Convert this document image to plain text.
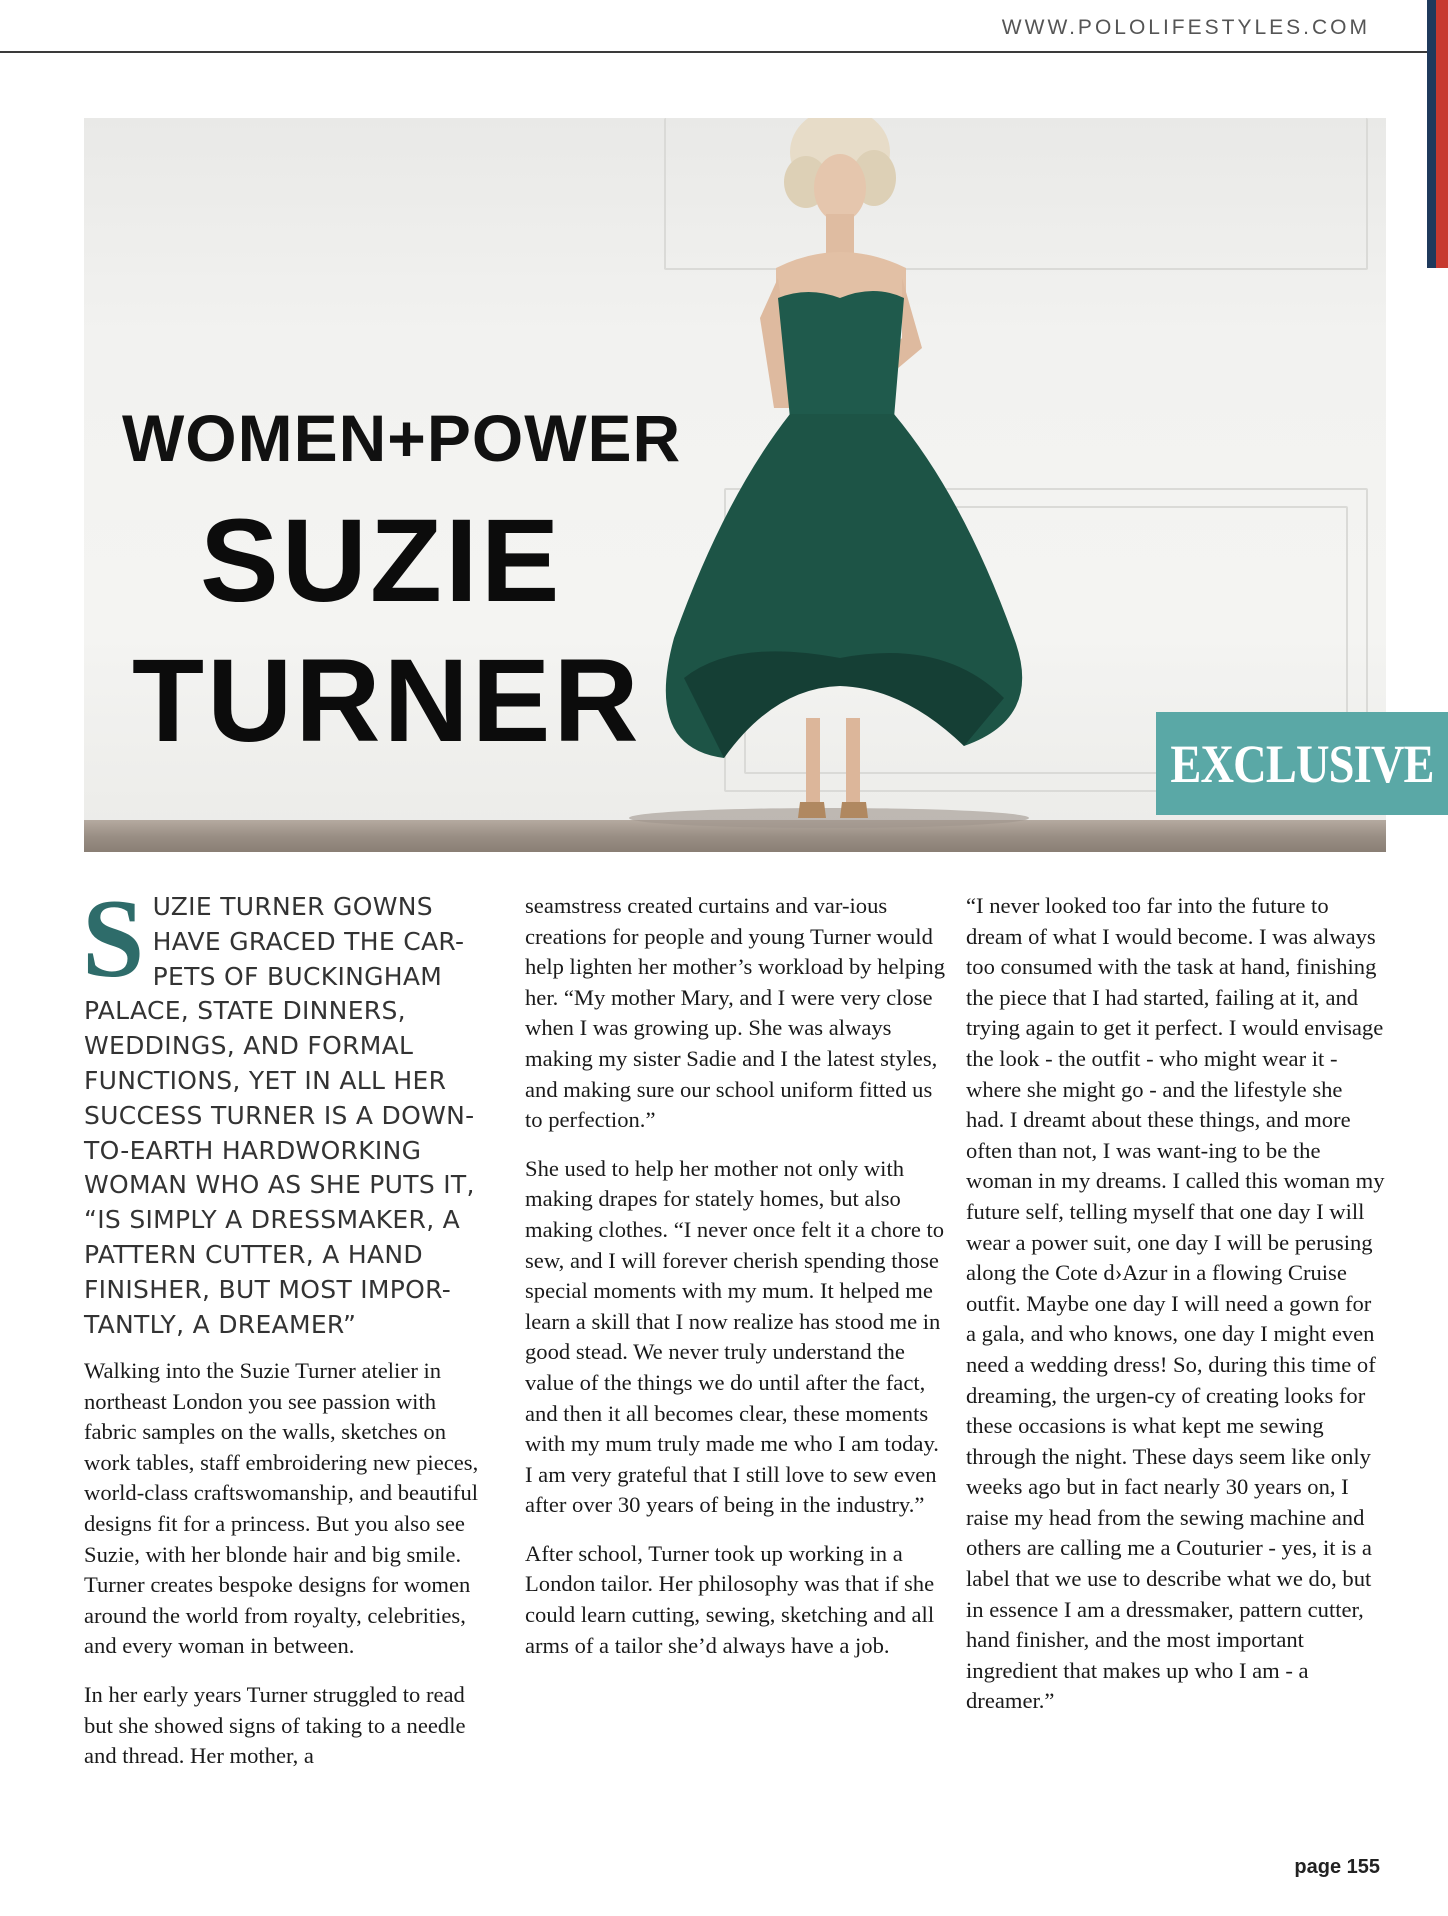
WWW.POLOLIFESTYLES.COM
WOMEN+POWER
SUZIE
TURNER	EXCLUSIVE
S UZIE TURNER GOWNS HAVE GRACED THE CAR-PETS OF BUCKINGHAM PALACE, STATE DINNERS, WEDDINGS, AND FORMAL FUNCTIONS, YET IN ALL HER SUCCESS TURNER IS A DOWN-TO-EARTH HARDWORKING WOMAN WHO AS SHE PUTS IT, “IS SIMPLY A DRESSMAKER, A PATTERN CUTTER, A HAND FINISHER, BUT MOST IMPOR-TANTLY, A DREAMER”

Walking into the Suzie Turner atelier in northeast London you see passion with fabric samples on the walls, sketches on work tables, staff embroidering new pieces, world-class craftswomanship, and beautiful designs fit for a princess. But you also see Suzie, with her blonde hair and big smile. Turner creates bespoke designs for women around the world from royalty, celebrities, and every woman in between.

In her early years Turner struggled to read but she showed signs of taking to a needle and thread. Her mother, a

seamstress created curtains and var-ious creations for people and young Turner would help lighten her mother’s workload by helping her. “My mother Mary, and I were very close when I was growing up. She was always making my sister Sadie and I the latest styles, and making sure our school uniform fitted us to perfection.”

She used to help her mother not only with making drapes for stately homes, but also making clothes. “I never once felt it a chore to sew, and I will forever cherish spending those special moments with my mum. It helped me learn a skill that I now realize has stood me in good stead. We never truly understand the value of the things we do until after the fact, and then it all becomes clear, these moments with my mum truly made me who I am today. I am very grateful that I still love to sew even after over 30 years of being in the industry.”

After school, Turner took up working in a London tailor. Her philosophy was that if she could learn cutting, sewing, sketching and all arms of a tailor she’d always have a job.

“I never looked too far into the future to dream of what I would become. I was always too consumed with the task at hand, finishing the piece that I had started, failing at it, and trying again to get it perfect. I would envisage the look - the outfit - who might wear it - where she might go - and the lifestyle she had. I dreamt about these things, and more often than not, I was want-ing to be the woman in my dreams. I called this woman my future self, telling myself that one day I will wear a power suit, one day I will be perusing along the Cote d›Azur in a flowing Cruise outfit. Maybe one day I will need a gown for a gala, and who knows, one day I might even need a wedding dress! So, during this time of dreaming, the urgen-cy of creating looks for these occasions is what kept me sewing through the night. These days seem like only weeks ago but in fact nearly 30 years on, I raise my head from the sewing machine and others are calling me a Couturier - yes, it is a label that we use to describe what we do, but in essence I am a dressmaker, pattern cutter, hand finisher, and the most important ingredient that makes up who I am - a dreamer.”

page 155
